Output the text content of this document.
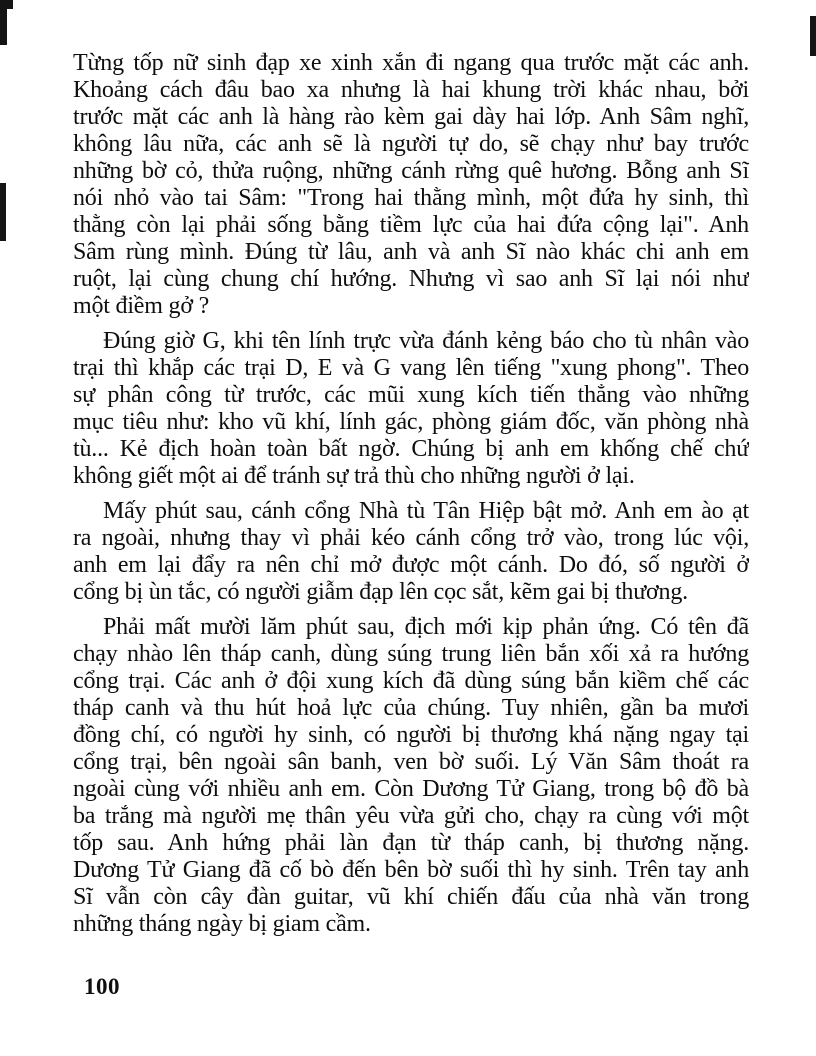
Từng tốp nữ sinh đạp xe xinh xắn đi ngang qua trước mặt các anh.
Khoảng cách đâu bao xa nhưng là hai khung trời khác nhau, bởi
trước mặt các anh là hàng rào kèm gai dày hai lớp. Anh Sâm nghĩ,
không lâu nữa, các anh sẽ là người tự do, sẽ chạy như bay trước
những bờ cỏ, thửa ruộng, những cánh rừng quê hương. Bỗng anh Sĩ
nói nhỏ vào tai Sâm: "Trong hai thằng mình, một đứa hy sinh, thì
thằng còn lại phải sống bằng tiềm lực của hai đứa cộng lại". Anh
Sâm rùng mình. Đúng từ lâu, anh và anh Sĩ nào khác chi anh em
ruột, lại cùng chung chí hướng. Nhưng vì sao anh Sĩ lại nói như
một điềm gở ?
Đúng giờ G, khi tên lính trực vừa đánh kẻng báo cho tù nhân vào
trại thì khắp các trại D, E và G vang lên tiếng "xung phong". Theo
sự phân công từ trước, các mũi xung kích tiến thẳng vào những
mục tiêu như: kho vũ khí, lính gác, phòng giám đốc, văn phòng nhà
tù... Kẻ địch hoàn toàn bất ngờ. Chúng bị anh em khống chế chứ
không giết một ai để tránh sự trả thù cho những người ở lại.
Mấy phút sau, cánh cổng Nhà tù Tân Hiệp bật mở. Anh em ào ạt
ra ngoài, nhưng thay vì phải kéo cánh cổng trở vào, trong lúc vội,
anh em lại đẩy ra nên chỉ mở được một cánh. Do đó, số người ở
cổng bị ùn tắc, có người giẫm đạp lên cọc sắt, kẽm gai bị thương.
Phải mất mười lăm phút sau, địch mới kịp phản ứng. Có tên đã
chạy nhào lên tháp canh, dùng súng trung liên bắn xối xả ra hướng
cổng trại. Các anh ở đội xung kích đã dùng súng bắn kiềm chế các
tháp canh và thu hút hoả lực của chúng. Tuy nhiên, gần ba mươi
đồng chí, có người hy sinh, có người bị thương khá nặng ngay tại
cổng trại, bên ngoài sân banh, ven bờ suối. Lý Văn Sâm thoát ra
ngoài cùng với nhiều anh em. Còn Dương Tử Giang, trong bộ đồ bà
ba trắng mà người mẹ thân yêu vừa gửi cho, chạy ra cùng với một
tốp sau. Anh hứng phải làn đạn từ tháp canh, bị thương nặng.
Dương Tử Giang đã cố bò đến bên bờ suối thì hy sinh. Trên tay anh
Sĩ vẫn còn cây đàn guitar, vũ khí chiến đấu của nhà văn trong
những tháng ngày bị giam cầm.
100
